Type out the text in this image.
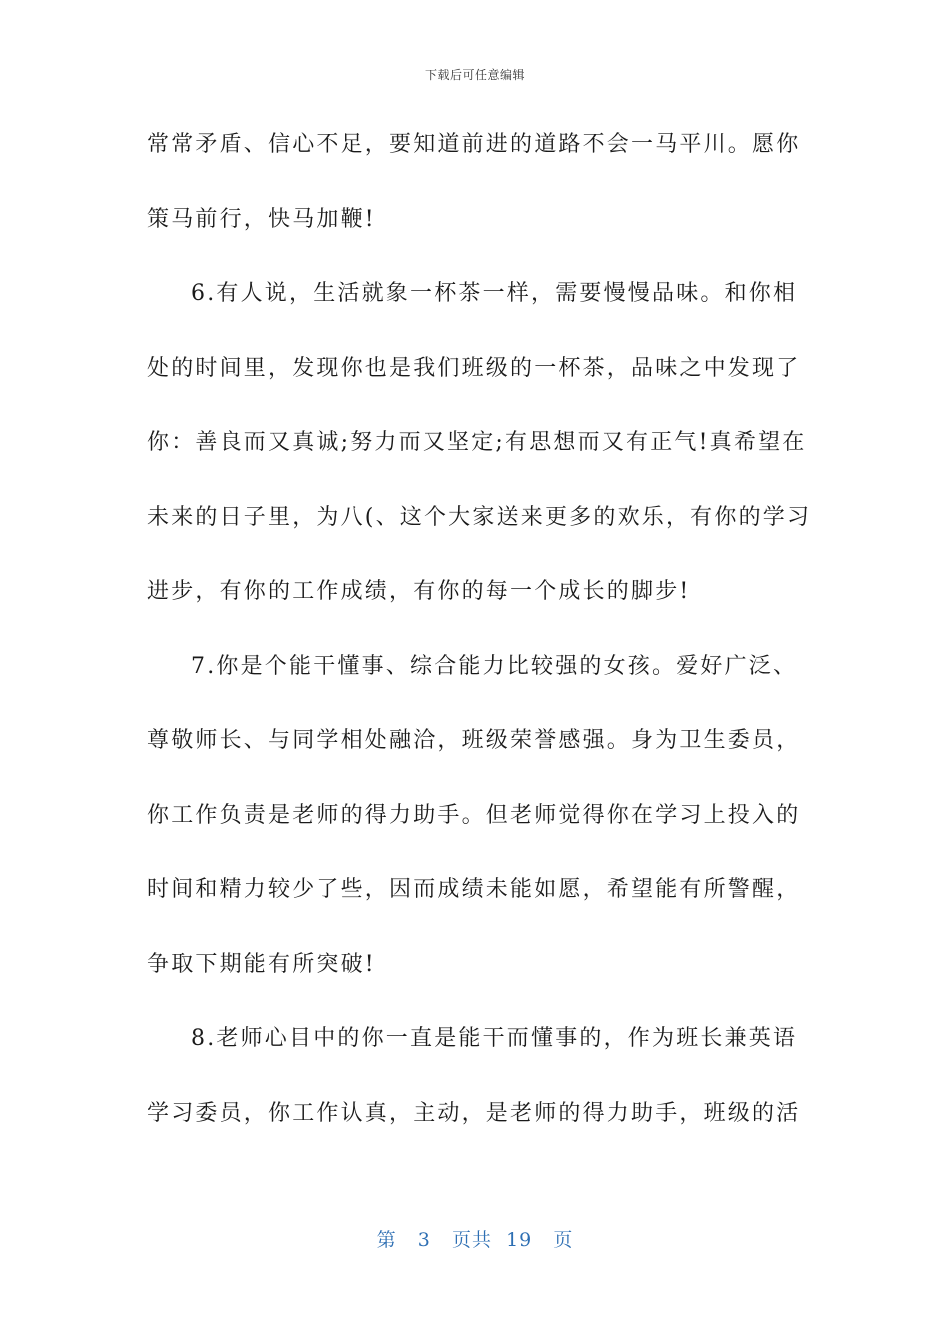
下载后可任意编辑
常常矛盾、信心不足，要知道前进的道路不会一马平川。愿你
策马前行，快马加鞭!
6.有人说，生活就象一杯茶一样，需要慢慢品味。和你相
处的时间里，发现你也是我们班级的一杯茶，品味之中发现了
你：善良而又真诚;努力而又坚定;有思想而又有正气!真希望在
未来的日子里，为八(、这个大家送来更多的欢乐，有你的学习
进步，有你的工作成绩，有你的每一个成长的脚步!
7.你是个能干懂事、综合能力比较强的女孩。爱好广泛、
尊敬师长、与同学相处融洽，班级荣誉感强。身为卫生委员，
你工作负责是老师的得力助手。但老师觉得你在学习上投入的
时间和精力较少了些，因而成绩未能如愿，希望能有所警醒，
争取下期能有所突破!
8.老师心目中的你一直是能干而懂事的，作为班长兼英语
学习委员，你工作认真，主动，是老师的得力助手，班级的活
第 3 页共 19 页
